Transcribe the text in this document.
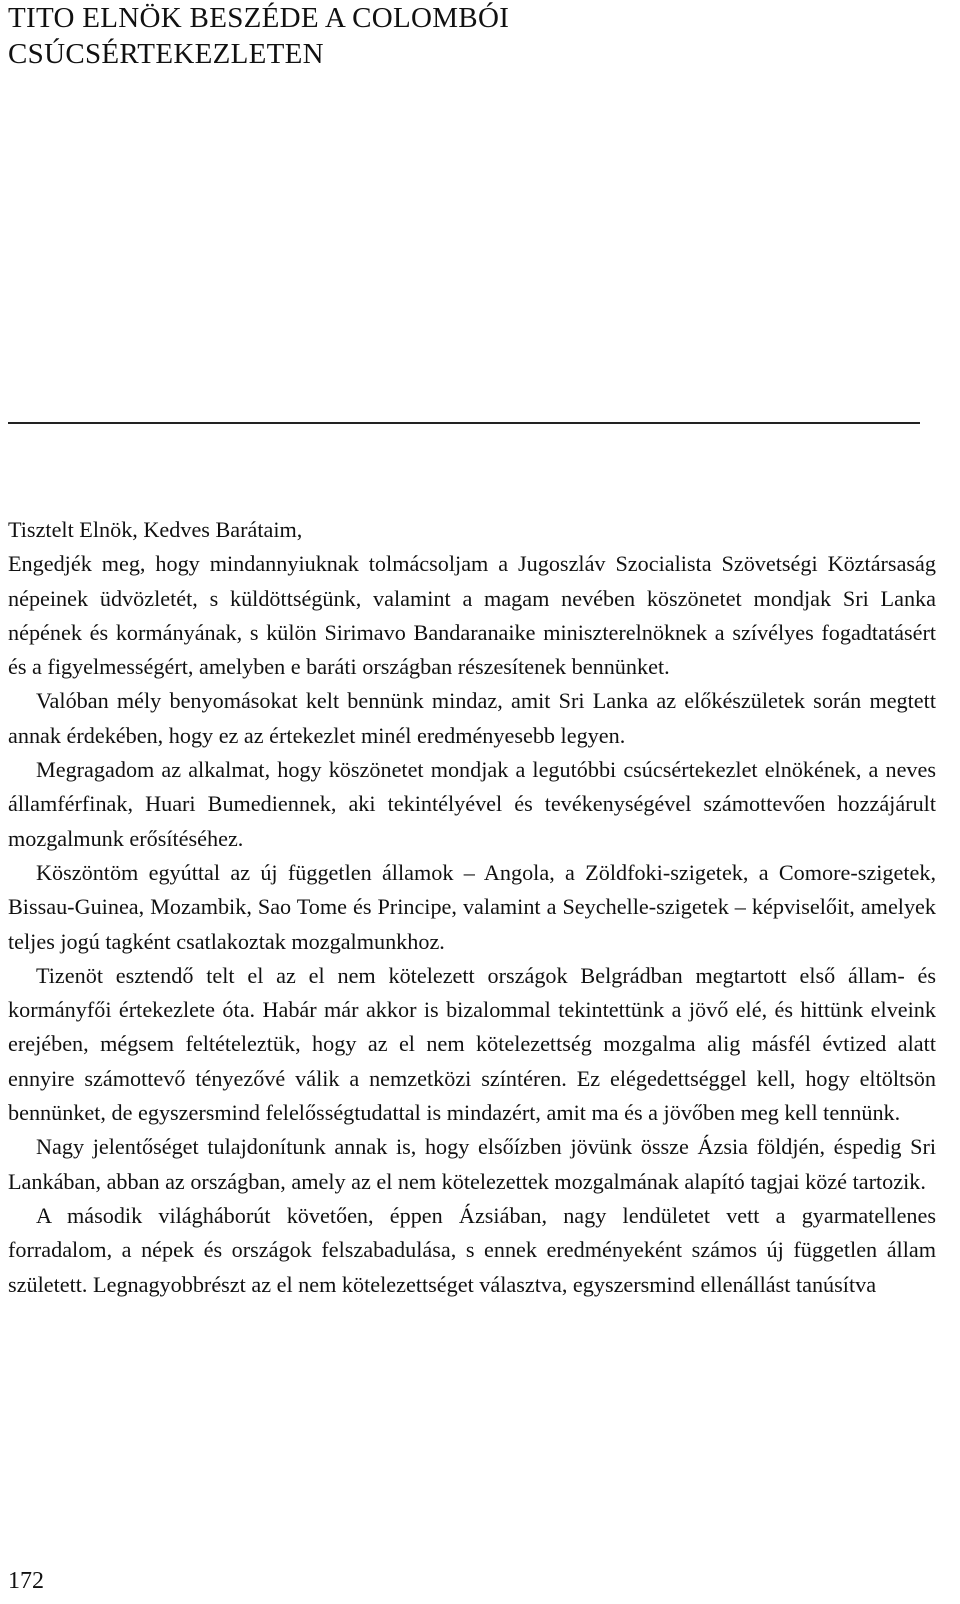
TITO ELNÖK BESZÉDE A COLOMBÓI
CSÚCSÉRTEKEZLETEN

Tisztelt Elnök, Kedves Barátaim,

Engedjék meg, hogy mindannyiuknak tolmácsoljam a Jugoszláv Szocialista Szövetségi Köztársaság népeinek üdvözletét, s küldöttségünk, valamint a magam nevében köszönetet mondjak Sri Lanka népének és kormányának, s külön Sirimavo Bandaranaike miniszterelnöknek a szívélyes fogadtatásért és a figyelmességért, amelyben e baráti országban részesítenek bennünket.

Valóban mély benyomásokat kelt bennünk mindaz, amit Sri Lanka az előkészületek során megtett annak érdekében, hogy ez az értekezlet minél eredményesebb legyen.

Megragadom az alkalmat, hogy köszönetet mondjak a legutóbbi csúcsértekezlet elnökének, a neves államférfinak, Huari Bumediennek, aki tekintélyével és tevékenységével számottevően hozzájárult mozgalmunk erősítéséhez.

Köszöntöm egyúttal az új független államok – Angola, a Zöldfoki-szigetek, a Comore-szigetek, Bissau-Guinea, Mozambik, Sao Tome és Principe, valamint a Seychelle-szigetek – képviselőit, amelyek teljes jogú tagként csatlakoztak mozgalmunkhoz.

Tizenöt esztendő telt el az el nem kötelezett országok Belgrádban megtartott első állam- és kormányfői értekezlete óta. Habár már akkor is bizalommal tekintettünk a jövő elé, és hittünk elveink erejében, mégsem feltételeztük, hogy az el nem kötelezettség mozgalma alig másfél évtized alatt ennyire számottevő tényezővé válik a nemzetközi színtéren. Ez elégedettséggel kell, hogy eltöltsön bennünket, de egyszersmind felelősségtudattal is mindazért, amit ma és a jövőben meg kell tennünk.

Nagy jelentőséget tulajdonítunk annak is, hogy elsőízben jövünk össze Ázsia földjén, éspedig Sri Lankában, abban az országban, amely az el nem kötelezettek mozgalmának alapító tagjai közé tartozik.

A második világháborút követően, éppen Ázsiában, nagy lendületet vett a gyarmatellenes forradalom, a népek és országok felszabadulása, s ennek eredményeként számos új független állam született. Legnagyobbrészt az el nem kötelezettséget választva, egyszersmind ellenállást tanúsítva

172
